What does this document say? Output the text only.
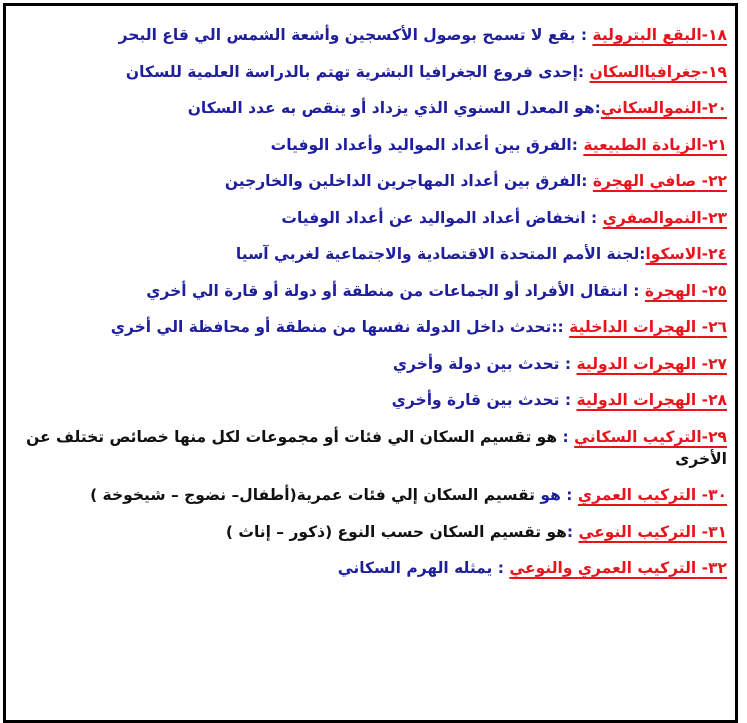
١٨-البقع البترولية : بقع لا تسمح بوصول الأكسجين وأشعة الشمس الي قاع البحر
١٩-جغرافياالسكان :إحدى فروع الجغرافيا البشرية تهتم بالدراسة العلمية للسكان
٢٠-النموالسكاني:هو المعدل السنوي الذي يزداد أو ينقص به عدد السكان
٢١-الزيادة الطبيعية :الفرق بين أعداد المواليد وأعداد الوفيات
٢٢- صافي الهجرة :الفرق بين أعداد المهاجرين الداخلين والخارجين
٢٣-النموالصفري : انخفاض أعداد المواليد عن أعداد الوفيات
٢٤-الاسكوا:لجنة الأمم المتحدة الاقتصادية والاجتماعية لغربي آسيا
٢٥- الهجرة : انتقال الأفراد أو الجماعات من منطقة أو دولة أو قارة الي أخري
٢٦- الهجرات الداخلية ::تحدث داخل الدولة نفسها من منطقة أو محافظة الي أخري
٢٧- الهجرات الدولية : تحدث بين دولة وأخري
٢٨- الهجرات الدولية : تحدث بين قارة وأخري
٢٩-التركيب السكاني : هو تقسيم السكان الي فئات أو مجموعات لكل منها خصائص تختلف عن الأخرى
٣٠- التركيب العمري : هو تقسيم السكان إلي فئات عمرية(أطفال– نضوج – شيخوخة )
٣١- التركيب النوعي :هو تقسيم السكان حسب النوع (ذكور – إناث )
٣٢- التركيب العمري والنوعي : يمثله الهرم السكاني
